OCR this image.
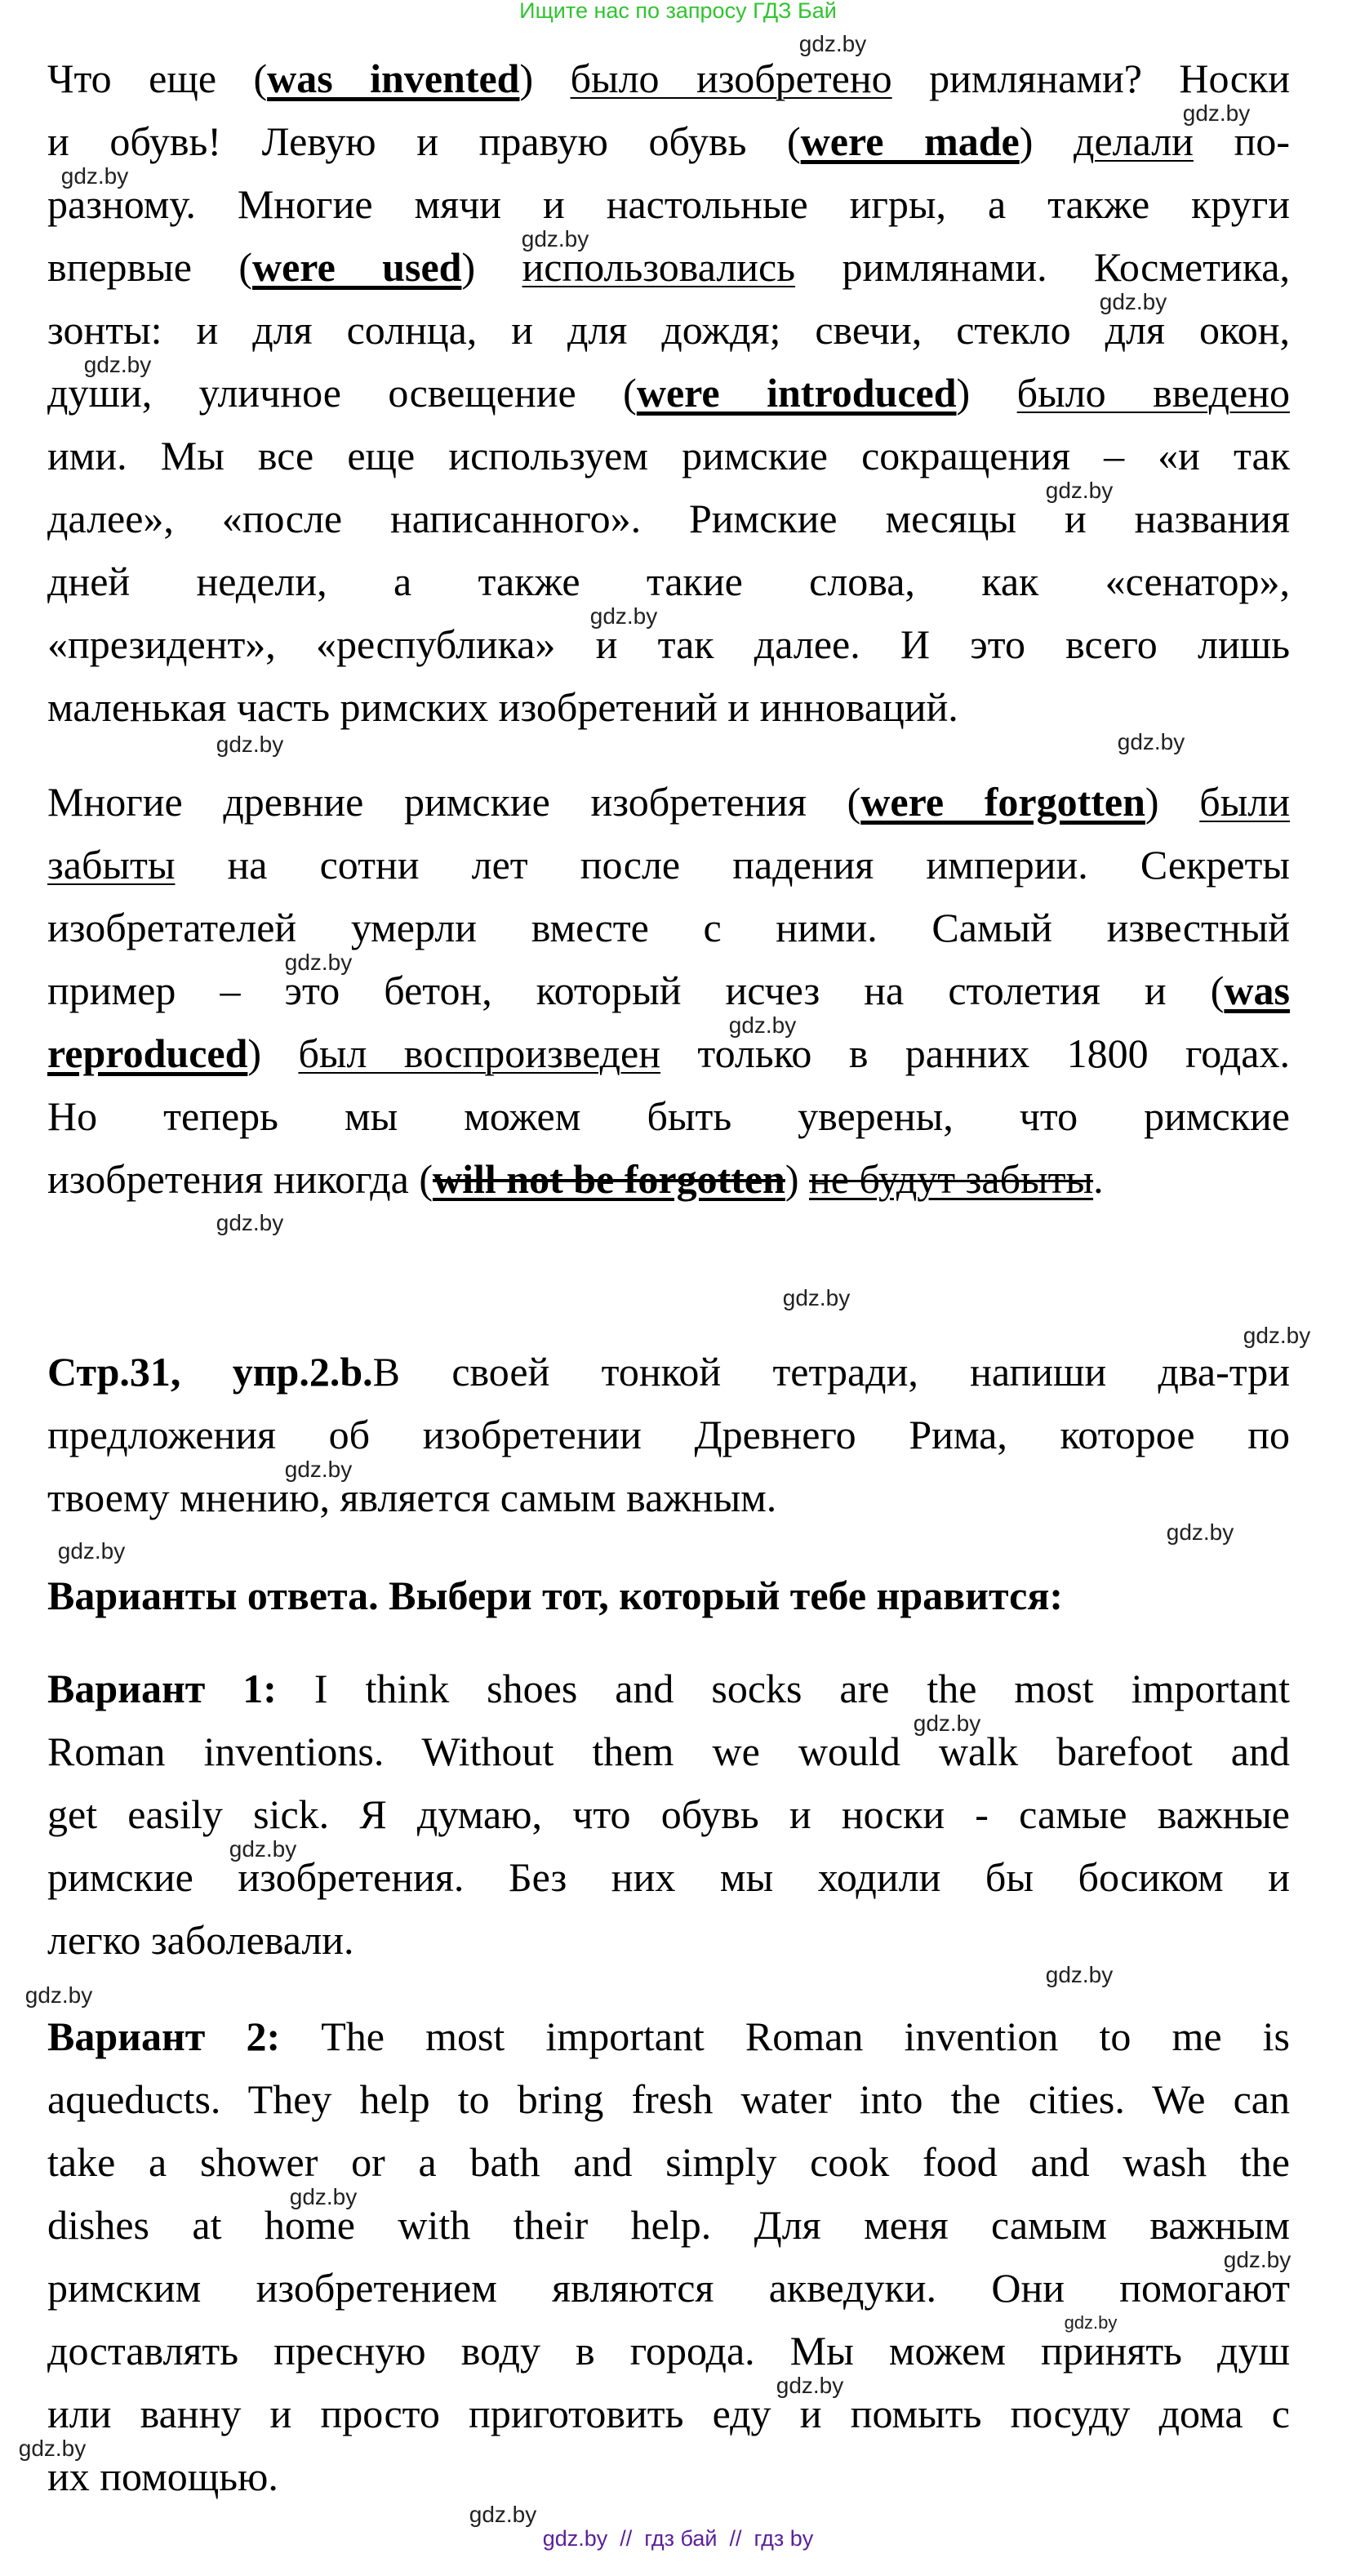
Ищите нас по запросу ГДЗ Бай
Что еще (was invented) было изобретено римлянами? Носки
и обувь! Левую и правую обувь (were made) делали по-
разному. Многие мячи и настольные игры, а также круги
впервые (were used) использовались римлянами. Косметика,
зонты: и для солнца, и для дождя; свечи, стекло для окон,
души, уличное освещение (were introduced) было введено
ими. Мы все еще используем римские сокращения – «и так
далее», «после написанного». Римские месяцы и названия
дней недели, а также такие слова, как «сенатор»,
«президент», «республика» и так далее. И это всего лишь
маленькая часть римских изобретений и инноваций.
Многие древние римские изобретения (were forgotten) были
забыты на сотни лет после падения империи. Секреты
изобретателей умерли вместе с ними. Самый известный
пример – это бетон, который исчез на столетия и (was
reproduced) был воспроизведен только в ранних 1800 годах.
Но теперь мы можем быть уверены, что римские
изобретения никогда (will not be forgotten) не будут забыты.
Стр.31, упр.2.b.В своей тонкой тетради, напиши два-три
предложения об изобретении Древнего Рима, которое по
твоему мнению, является самым важным.
Варианты ответа. Выбери тот, который тебе нравится:
Вариант 1: I think shoes and socks are the most important
Roman inventions. Without them we would walk barefoot and
get easily sick. Я думаю, что обувь и носки - самые важные
римские изобретения. Без них мы ходили бы босиком и
легко заболевали.
Вариант 2: The most important Roman invention to me is
aqueducts. They help to bring fresh water into the cities. We can
take a shower or a bath and simply cook food and wash the
dishes at home with their help. Для меня самым важным
римским изобретением являются акведуки. Они помогают
доставлять пресную воду в города. Мы можем принять душ
или ванну и просто приготовить еду и помыть посуду дома с
их помощью.
gdz.by
gdz.by
gdz.by
gdz.by
gdz.by
gdz.by
gdz.by
gdz.by
gdz.by
gdz.by
gdz.by
gdz.by
gdz.by
gdz.by
gdz.by
gdz.by
gdz.by
gdz.by
gdz.by
gdz.by
gdz.by
gdz.by
gdz.by
gdz.by
gdz.by
gdz.by
gdz.by
gdz.by
gdz.by  //  гдз бай  //  гдз by
